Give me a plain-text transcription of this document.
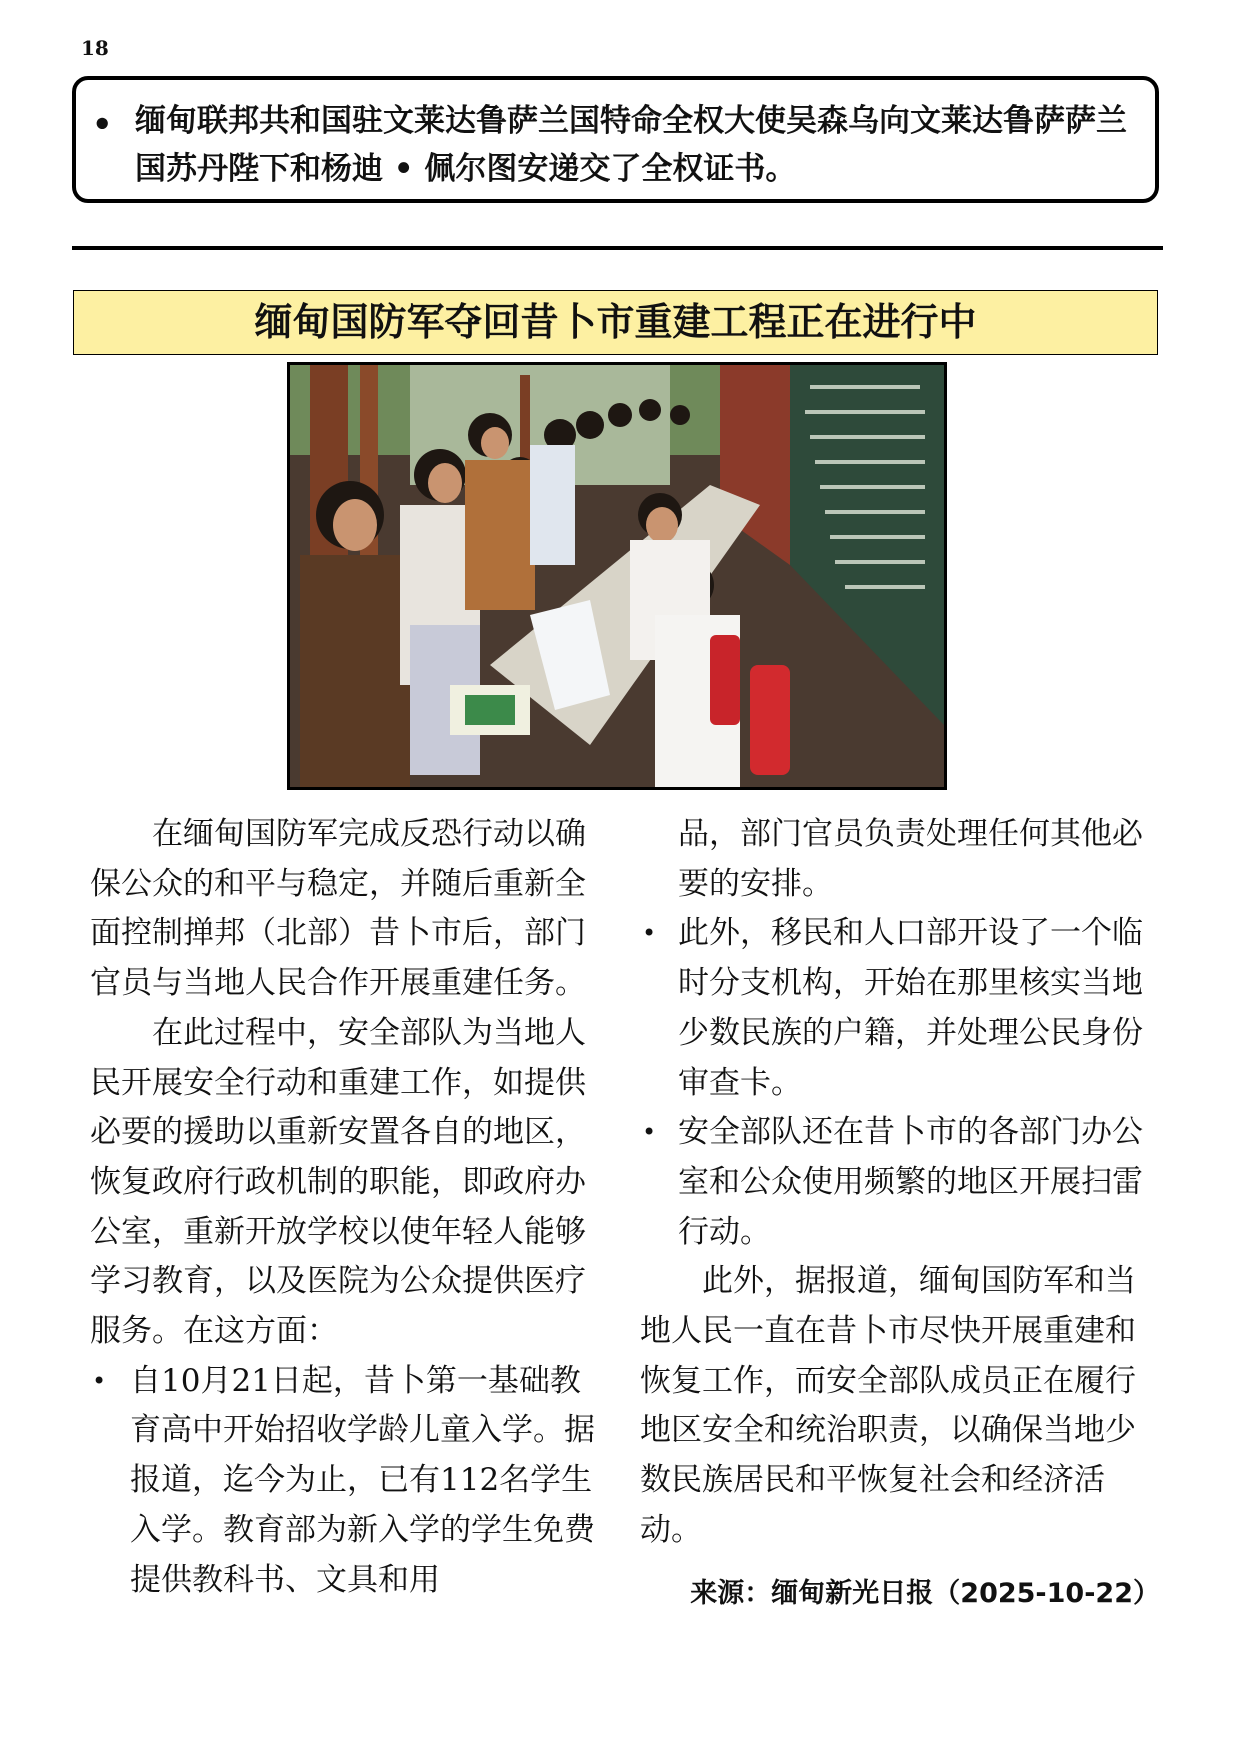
18
• 缅甸联邦共和国驻文莱达鲁萨兰国特命全权大使吴森乌向文莱达鲁萨萨兰国苏丹陛下和杨迪 • 佩尔图安递交了全权证书。
缅甸国防军夺回昔卜市重建工程正在进行中

在缅甸国防军完成反恐行动以确保公众的和平与稳定，并随后重新全面控制掸邦（北部）昔卜市后，部门官员与当地人民合作开展重建任务。

在此过程中，安全部队为当地人民开展安全行动和重建工作，如提供必要的援助以重新安置各自的地区，恢复政府行政机制的职能，即政府办公室，重新开放学校以使年轻人能够学习教育，以及医院为公众提供医疗服务。在这方面：

• 自10月21日起，昔卜第一基础教育高中开始招收学龄儿童入学。据报道，迄今为止，已有112名学生入学。教育部为新入学的学生免费提供教科书、文具和用
品，部门官员负责处理任何其他必要的安排。
• 此外，移民和人口部开设了一个临时分支机构，开始在那里核实当地少数民族的户籍，并处理公民身份审查卡。
• 安全部队还在昔卜市的各部门办公室和公众使用频繁的地区开展扫雷行动。

此外，据报道，缅甸国防军和当地人民一直在昔卜市尽快开展重建和恢复工作，而安全部队成员正在履行地区安全和统治职责，以确保当地少数民族居民和平恢复社会和经济活动。

来源：缅甸新光日报（2025-10-22）
